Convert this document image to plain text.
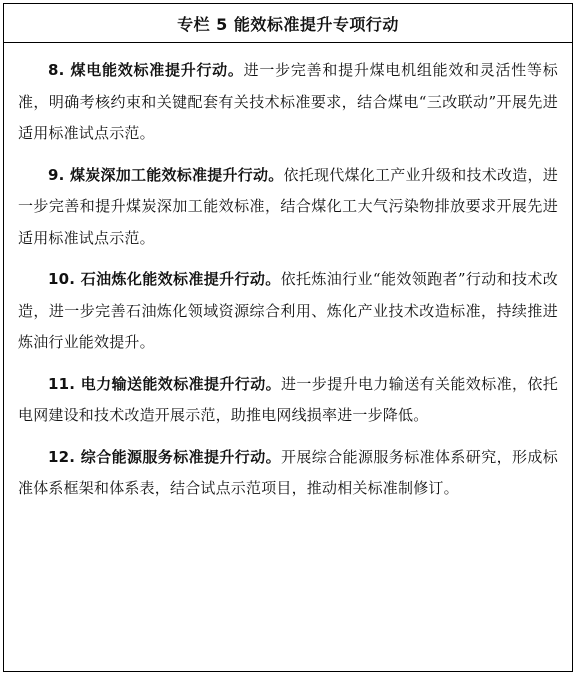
专栏 5 能效标准提升专项行动

8. 煤电能效标准提升行动。进一步完善和提升煤电机组能效和灵活性等标准，明确考核约束和关键配套有关技术标准要求，结合煤电“三改联动”开展先进适用标准试点示范。

9. 煤炭深加工能效标准提升行动。依托现代煤化工产业升级和技术改造，进一步完善和提升煤炭深加工能效标准，结合煤化工大气污染物排放要求开展先进适用标准试点示范。

10. 石油炼化能效标准提升行动。依托炼油行业“能效领跑者”行动和技术改造，进一步完善石油炼化领域资源综合利用、炼化产业技术改造标准，持续推进炼油行业能效提升。

11. 电力输送能效标准提升行动。进一步提升电力输送有关能效标准，依托电网建设和技术改造开展示范，助推电网线损率进一步降低。

12. 综合能源服务标准提升行动。开展综合能源服务标准体系研究，形成标准体系框架和体系表，结合试点示范项目，推动相关标准制修订。
